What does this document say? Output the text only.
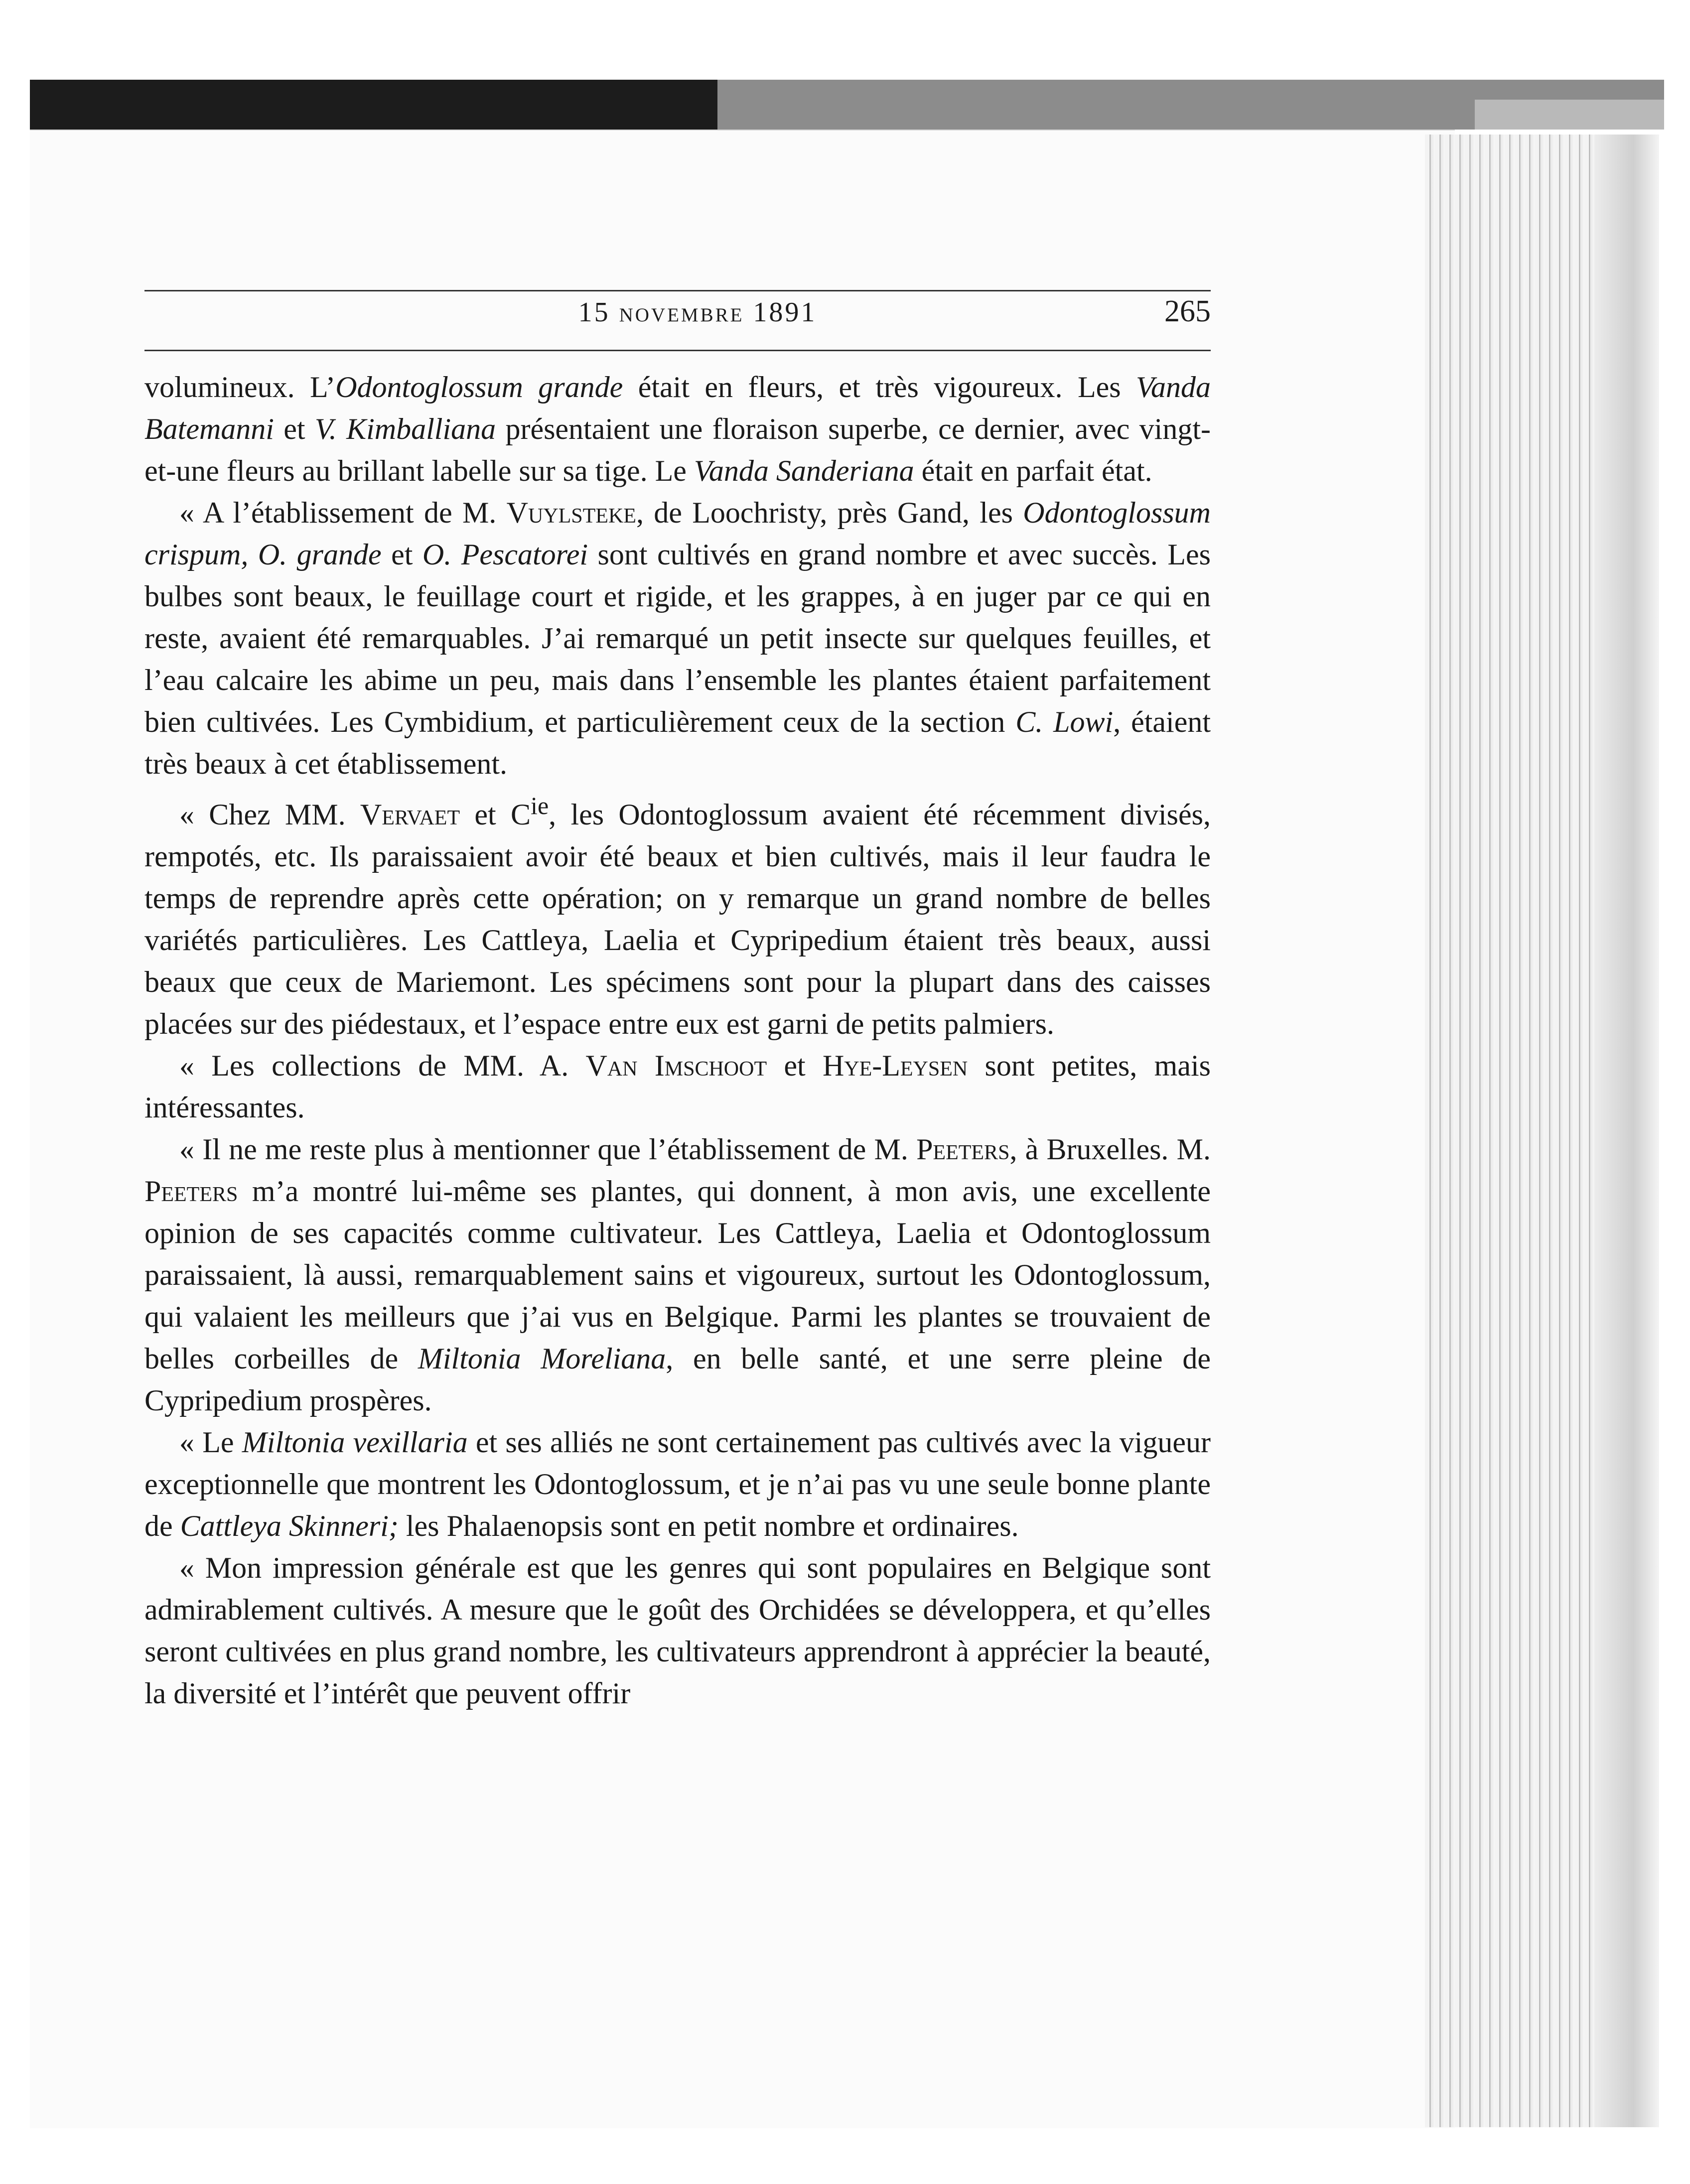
15 novembre 1891	265

volumineux. L’Odontoglossum grande était en fleurs, et très vigoureux. Les Vanda Batemanni et V. Kimballiana présentaient une floraison superbe, ce dernier, avec vingt-et-une fleurs au brillant labelle sur sa tige. Le Vanda Sanderiana était en parfait état.

« A l’établissement de M. Vuylsteke, de Loochristy, près Gand, les Odontoglossum crispum, O. grande et O. Pescatorei sont cultivés en grand nombre et avec succès. Les bulbes sont beaux, le feuillage court et rigide, et les grappes, à en juger par ce qui en reste, avaient été remarquables. J’ai remarqué un petit insecte sur quelques feuilles, et l’eau calcaire les abime un peu, mais dans l’ensemble les plantes étaient parfaitement bien cultivées. Les Cymbidium, et particulièrement ceux de la section C. Lowi, étaient très beaux à cet établissement.

« Chez MM. Vervaet et $C^{ie}$, les Odontoglossum avaient été récemment divisés, rempotés, etc. Ils paraissaient avoir été beaux et bien cultivés, mais il leur faudra le temps de reprendre après cette opération; on y remarque un grand nombre de belles variétés particulières. Les Cattleya, Laelia et Cypripedium étaient très beaux, aussi beaux que ceux de Mariemont. Les spécimens sont pour la plupart dans des caisses placées sur des piédestaux, et l’espace entre eux est garni de petits palmiers.

« Les collections de MM. A. Van Imschoot et Hye-Leysen sont petites, mais intéressantes.

« Il ne me reste plus à mentionner que l’établissement de M. Peeters, à Bruxelles. M. Peeters m’a montré lui-même ses plantes, qui donnent, à mon avis, une excellente opinion de ses capacités comme cultivateur. Les Cattleya, Laelia et Odontoglossum paraissaient, là aussi, remarquablement sains et vigoureux, surtout les Odontoglossum, qui valaient les meilleurs que j’ai vus en Belgique. Parmi les plantes se trouvaient de belles corbeilles de Miltonia Moreliana, en belle santé, et une serre pleine de Cypripedium prospères.

« Le Miltonia vexillaria et ses alliés ne sont certainement pas cultivés avec la vigueur exceptionnelle que montrent les Odontoglossum, et je n’ai pas vu une seule bonne plante de Cattleya Skinneri; les Phalaenopsis sont en petit nombre et ordinaires.

« Mon impression générale est que les genres qui sont populaires en Belgique sont admirablement cultivés. A mesure que le goût des Orchidées se développera, et qu’elles seront cultivées en plus grand nombre, les cultivateurs apprendront à apprécier la beauté, la diversité et l’intérêt que peuvent offrir
